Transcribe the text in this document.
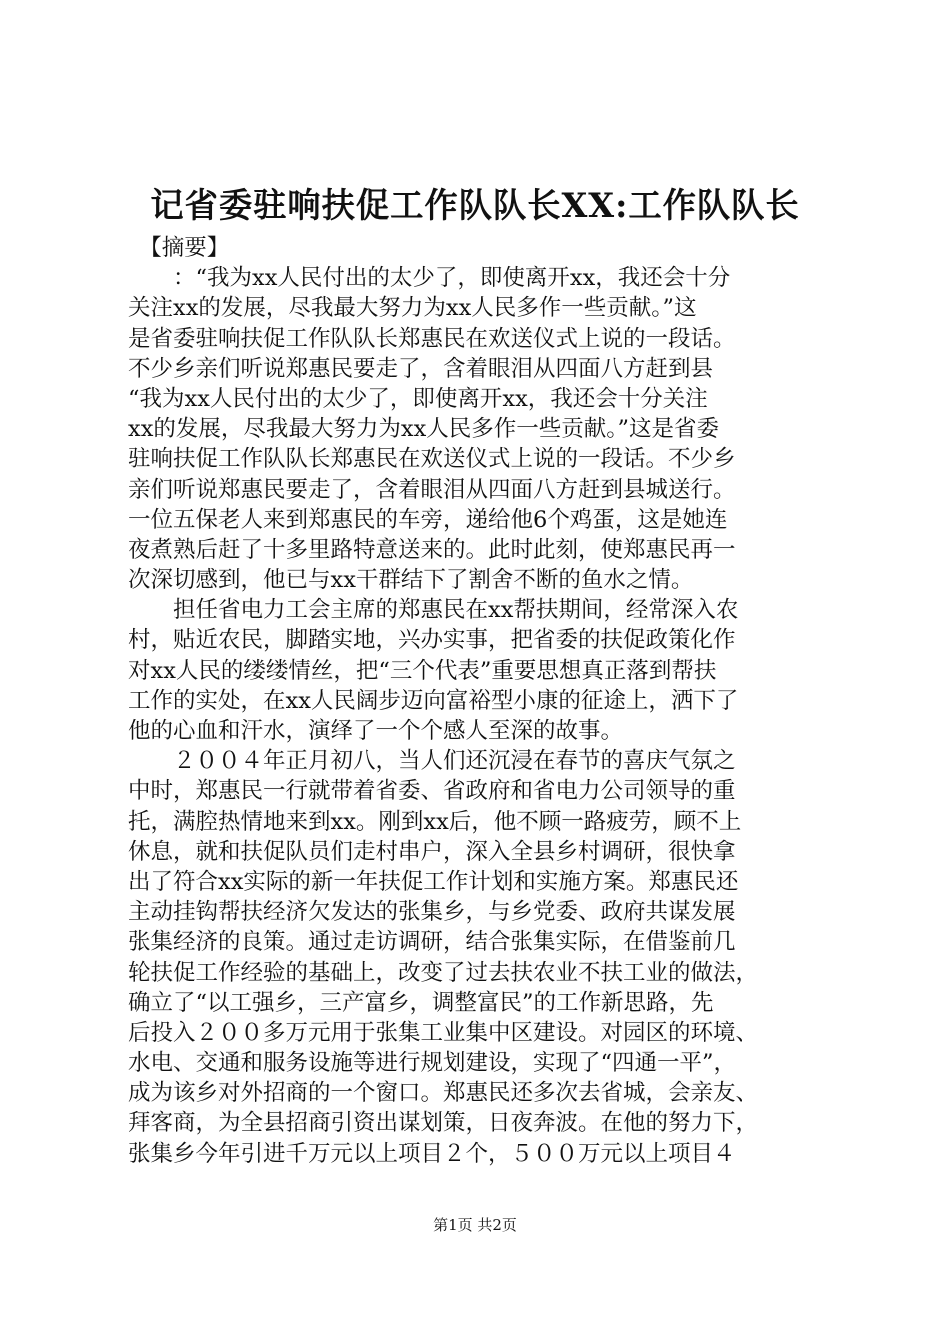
记省委驻响扶促工作队队长XX:工作队队长
　【摘要】
　　：“我为xx人民付出的太少了，即使离开xx，我还会十分
关注xx的发展，尽我最大努力为xx人民多作一些贡献。”这
是省委驻响扶促工作队队长郑惠民在欢送仪式上说的一段话。
不少乡亲们听说郑惠民要走了，含着眼泪从四面八方赶到县
“我为xx人民付出的太少了，即使离开xx，我还会十分关注
xx的发展，尽我最大努力为xx人民多作一些贡献。”这是省委
驻响扶促工作队队长郑惠民在欢送仪式上说的一段话。不少乡
亲们听说郑惠民要走了，含着眼泪从四面八方赶到县城送行。
一位五保老人来到郑惠民的车旁，递给他6个鸡蛋，这是她连
夜煮熟后赶了十多里路特意送来的。此时此刻，使郑惠民再一
次深切感到，他已与xx干群结下了割舍不断的鱼水之情。
　　担任省电力工会主席的郑惠民在xx帮扶期间，经常深入农
村，贴近农民，脚踏实地，兴办实事，把省委的扶促政策化作
对xx人民的缕缕情丝，把“三个代表”重要思想真正落到帮扶
工作的实处，在xx人民阔步迈向富裕型小康的征途上，洒下了
他的心血和汗水，演绎了一个个感人至深的故事。
　　２００４年正月初八，当人们还沉浸在春节的喜庆气氛之
中时，郑惠民一行就带着省委、省政府和省电力公司领导的重
托，满腔热情地来到xx。刚到xx后，他不顾一路疲劳，顾不上
休息，就和扶促队员们走村串户，深入全县乡村调研，很快拿
出了符合xx实际的新一年扶促工作计划和实施方案。郑惠民还
主动挂钩帮扶经济欠发达的张集乡，与乡党委、政府共谋发展
张集经济的良策。通过走访调研，结合张集实际，在借鉴前几
轮扶促工作经验的基础上，改变了过去扶农业不扶工业的做法，
确立了“以工强乡，三产富乡，调整富民”的工作新思路，先
后投入２００多万元用于张集工业集中区建设。对园区的环境、
水电、交通和服务设施等进行规划建设，实现了“四通一平”，
成为该乡对外招商的一个窗口。郑惠民还多次去省城，会亲友、
拜客商，为全县招商引资出谋划策，日夜奔波。在他的努力下，
张集乡今年引进千万元以上项目２个，５００万元以上项目４
第1页 共2页
